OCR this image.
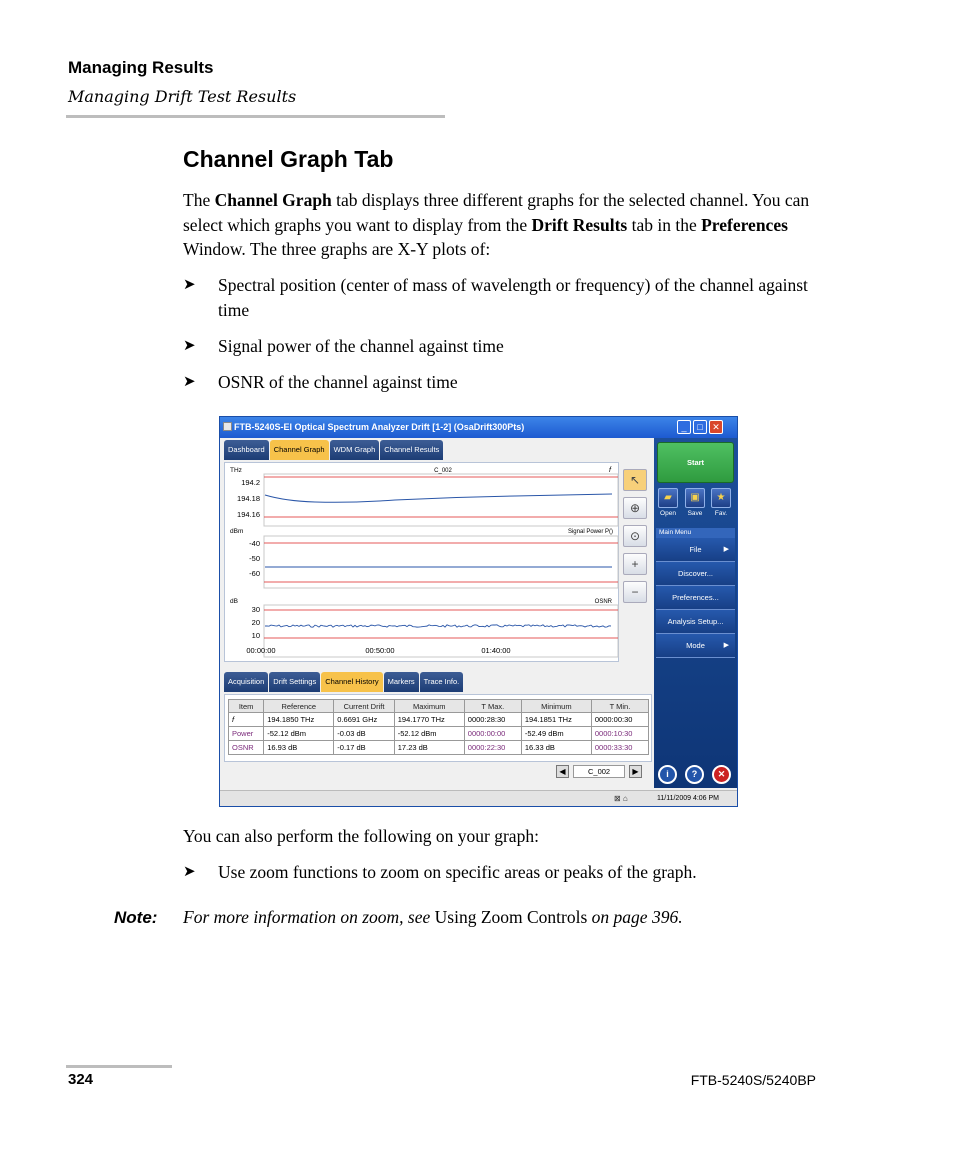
Managing Results
Managing Drift Test Results
Channel Graph Tab
The Channel Graph tab displays three different graphs for the selected channel. You can select which graphs you want to display from the Drift Results tab in the Preferences Window. The three graphs are X-Y plots of:
➤ Spectral position (center of mass of wavelength or frequency) of the channel against time
➤ Signal power of the channel against time
➤ OSNR of the channel against time
FTB-5240S-EI Optical Spectrum Analyzer Drift [1-2] (OsaDrift300Pts)	_	□	✕
Dashboard	Channel Graph	WDM Graph	Channel Results
THz	C_002	f
194.2
194.18
194.16
dBm	Signal Power P()
-40
-50
-60
dB	OSNR
30
20
10
00:00:00	00:50:00	01:40:00
↖
⊕
⊙
+
−
Acquisition	Drift Settings	Channel History	Markers	Trace Info.
Item	Reference	Current Drift	Maximum	T Max.	Minimum	T Min.
f	194.1850 THz	0.6691 GHz	194.1770 THz	0000:28:30	194.1851 THz	0000:00:30
Power	-52.12 dBm	-0.03 dB	-52.12 dBm	0000:00:00	-52.49 dBm	0000:10:30
OSNR	16.93 dB	-0.17 dB	17.23 dB	0000:22:30	16.33 dB	0000:33:30
◀	C_002	▶
Start
▰
Open
▣
Save
★
Fav.
Main Menu
File	▶
Discover...
Preferences...
Analysis Setup...
Mode	▶
i	?	✕
⊠ ⌂	11/11/2009 4:06 PM
You can also perform the following on your graph:
➤ Use zoom functions to zoom on specific areas or peaks of the graph.
Note: For more information on zoom, see Using Zoom Controls on page 396.
324	FTB-5240S/5240BP
